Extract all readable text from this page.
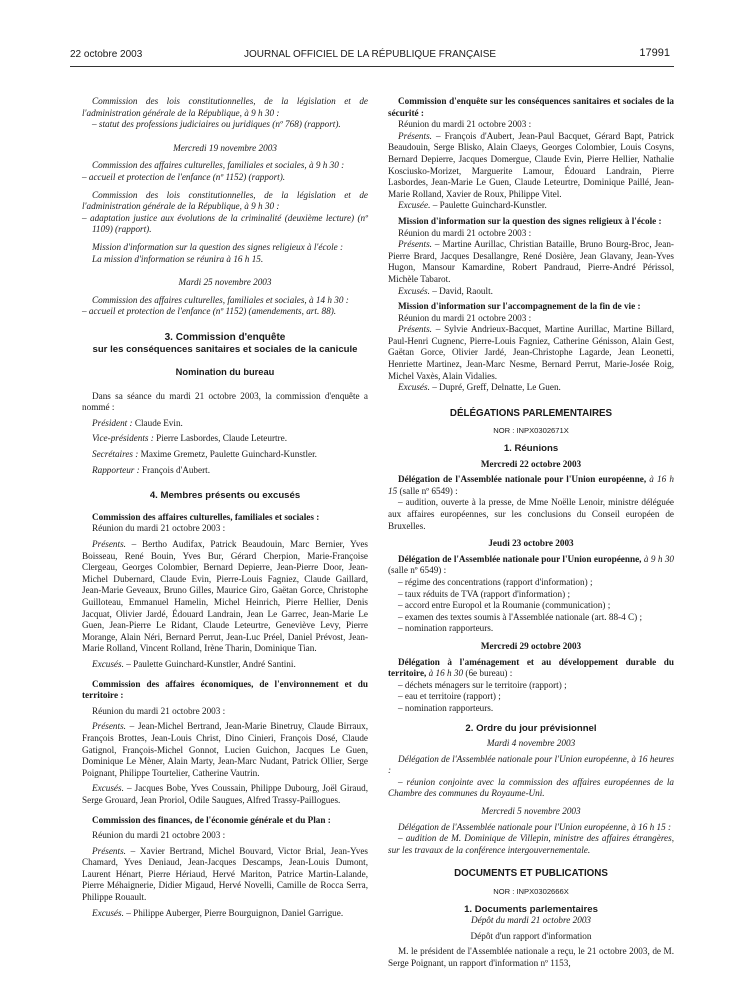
22 octobre 2003	JOURNAL OFFICIEL DE LA RÉPUBLIQUE FRANÇAISE	17991

Commission des lois constitutionnelles, de la législation et de l'administration générale de la République, à 9 h 30 :

– statut des professions judiciaires ou juridiques (nº 768) (rapport).

Mercredi 19 novembre 2003

Commission des affaires culturelles, familiales et sociales, à 9 h 30 :

– accueil et protection de l'enfance (nº 1152) (rapport).

Commission des lois constitutionnelles, de la législation et de l'administration générale de la République, à 9 h 30 :

– adaptation justice aux évolutions de la criminalité (deuxième lecture) (nº 1109) (rapport).

Mission d'information sur la question des signes religieux à l'école :

La mission d'information se réunira à 16 h 15.

Mardi 25 novembre 2003

Commission des affaires culturelles, familiales et sociales, à 14 h 30 :

– accueil et protection de l'enfance (nº 1152) (amendements, art. 88).

3. Commission d'enquête

sur les conséquences sanitaires et sociales de la canicule

Nomination du bureau

Dans sa séance du mardi 21 octobre 2003, la commission d'enquête a nommé :

Président : Claude Evin.

Vice-présidents : Pierre Lasbordes, Claude Leteurtre.

Secrétaires : Maxime Gremetz, Paulette Guinchard-Kunstler.

Rapporteur : François d'Aubert.

4. Membres présents ou excusés

Commission des affaires culturelles, familiales et sociales :

Réunion du mardi 21 octobre 2003 :

Présents. – Bertho Audifax, Patrick Beaudouin, Marc Bernier, Yves Boisseau, René Bouin, Yves Bur, Gérard Cherpion, Marie-Françoise Clergeau, Georges Colombier, Bernard Depierre, Jean-Pierre Door, Jean-Michel Dubernard, Claude Evin, Pierre-Louis Fagniez, Claude Gaillard, Jean-Marie Geveaux, Bruno Gilles, Maurice Giro, Gaëtan Gorce, Christophe Guilloteau, Emmanuel Hamelin, Michel Heinrich, Pierre Hellier, Denis Jacquat, Olivier Jardé, Édouard Landrain, Jean Le Garrec, Jean-Marie Le Guen, Jean-Pierre Le Ridant, Claude Leteurtre, Geneviève Levy, Pierre Morange, Alain Néri, Bernard Perrut, Jean-Luc Préel, Daniel Prévost, Jean-Marie Rolland, Vincent Rolland, Irène Tharin, Dominique Tian.

Excusés. – Paulette Guinchard-Kunstler, André Santini.

Commission des affaires économiques, de l'environnement et du territoire :

Réunion du mardi 21 octobre 2003 :

Présents. – Jean-Michel Bertrand, Jean-Marie Binetruy, Claude Birraux, François Brottes, Jean-Louis Christ, Dino Cinieri, François Dosé, Claude Gatignol, François-Michel Gonnot, Lucien Guichon, Jacques Le Guen, Dominique Le Mèner, Alain Marty, Jean-Marc Nudant, Patrick Ollier, Serge Poignant, Philippe Tourtelier, Catherine Vautrin.

Excusés. – Jacques Bobe, Yves Coussain, Philippe Dubourg, Joël Giraud, Serge Grouard, Jean Proriol, Odile Saugues, Alfred Trassy-Paillogues.

Commission des finances, de l'économie générale et du Plan :

Réunion du mardi 21 octobre 2003 :

Présents. – Xavier Bertrand, Michel Bouvard, Victor Brial, Jean-Yves Chamard, Yves Deniaud, Jean-Jacques Descamps, Jean-Louis Dumont, Laurent Hénart, Pierre Hériaud, Hervé Mariton, Patrice Martin-Lalande, Pierre Méhaignerie, Didier Migaud, Hervé Novelli, Camille de Rocca Serra, Philippe Rouault.

Excusés. – Philippe Auberger, Pierre Bourguignon, Daniel Garrigue.

Commission d'enquête sur les conséquences sanitaires et sociales de la sécurité :

Réunion du mardi 21 octobre 2003 :

Présents. – François d'Aubert, Jean-Paul Bacquet, Gérard Bapt, Patrick Beaudouin, Serge Blisko, Alain Claeys, Georges Colombier, Louis Cosyns, Bernard Depierre, Jacques Domergue, Claude Evin, Pierre Hellier, Nathalie Kosciusko-Morizet, Marguerite Lamour, Édouard Landrain, Pierre Lasbordes, Jean-Marie Le Guen, Claude Leteurtre, Dominique Paillé, Jean-Marie Rolland, Xavier de Roux, Philippe Vitel.

Excusée. – Paulette Guinchard-Kunstler.

Mission d'information sur la question des signes religieux à l'école :

Réunion du mardi 21 octobre 2003 :

Présents. – Martine Aurillac, Christian Bataille, Bruno Bourg-Broc, Jean-Pierre Brard, Jacques Desallangre, René Dosière, Jean Glavany, Jean-Yves Hugon, Mansour Kamardine, Robert Pandraud, Pierre-André Périssol, Michèle Tabarot.

Excusés. – David, Raoult.

Mission d'information sur l'accompagnement de la fin de vie :

Réunion du mardi 21 octobre 2003 :

Présents. – Sylvie Andrieux-Bacquet, Martine Aurillac, Martine Billard, Paul-Henri Cugnenc, Pierre-Louis Fagniez, Catherine Génisson, Alain Gest, Gaëtan Gorce, Olivier Jardé, Jean-Christophe Lagarde, Jean Leonetti, Henriette Martinez, Jean-Marc Nesme, Bernard Perrut, Marie-Josée Roig, Michel Vaxès, Alain Vidalies.

Excusés. – Dupré, Greff, Delnatte, Le Guen.

DÉLÉGATIONS PARLEMENTAIRES

NOR : INPX0302671X

1. Réunions

Mercredi 22 octobre 2003

Délégation de l'Assemblée nationale pour l'Union européenne, à 16 h 15 (salle nº 6549) :

– audition, ouverte à la presse, de Mme Noëlle Lenoir, ministre déléguée aux affaires européennes, sur les conclusions du Conseil européen de Bruxelles.

Jeudi 23 octobre 2003

Délégation de l'Assemblée nationale pour l'Union européenne, à 9 h 30 (salle nº 6549) :

– régime des concentrations (rapport d'information) ;

– taux réduits de TVA (rapport d'information) ;

– accord entre Europol et la Roumanie (communication) ;

– examen des textes soumis à l'Assemblée nationale (art. 88-4 C) ;

– nomination rapporteurs.

Mercredi 29 octobre 2003

Délégation à l'aménagement et au développement durable du territoire, à 16 h 30 (6e bureau) :

– déchets ménagers sur le territoire (rapport) ;

– eau et territoire (rapport) ;

– nomination rapporteurs.

2. Ordre du jour prévisionnel

Mardi 4 novembre 2003

Délégation de l'Assemblée nationale pour l'Union européenne, à 16 heures :

– réunion conjointe avec la commission des affaires européennes de la Chambre des communes du Royaume-Uni.

Mercredi 5 novembre 2003

Délégation de l'Assemblée nationale pour l'Union européenne, à 16 h 15 :

– audition de M. Dominique de Villepin, ministre des affaires étrangères, sur les travaux de la conférence intergouvernementale.

DOCUMENTS ET PUBLICATIONS

NOR : INPX0302666X

1. Documents parlementaires

Dépôt du mardi 21 octobre 2003

Dépôt d'un rapport d'information

M. le président de l'Assemblée nationale a reçu, le 21 octobre 2003, de M. Serge Poignant, un rapport d'information nº 1153,
